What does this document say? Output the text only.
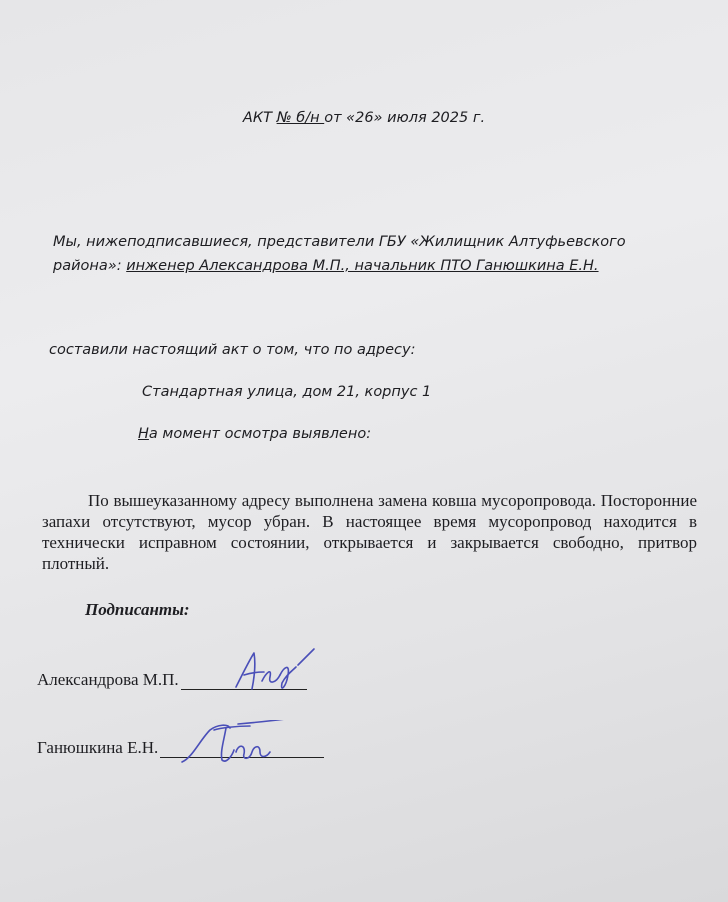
АКТ № б/н от «26» июля 2025 г.
Мы, нижеподписавшиеся, представители ГБУ «Жилищник Алтуфьевского
района»: инженер Александрова М.П., начальник ПТО Ганюшкина Е.Н.
составили настоящий акт о том, что по адресу:
Стандартная улица, дом 21, корпус 1
На момент осмотра выявлено:
По вышеуказанному адресу выполнена замена ковша мусоропровода. Посторонние запахи отсутствуют, мусор убран. В настоящее время мусоропровод находится в технически исправном состоянии, открывается и закрывается свободно, притвор плотный.
Подписанты:
Александрова М.П.
Ганюшкина Е.Н.
